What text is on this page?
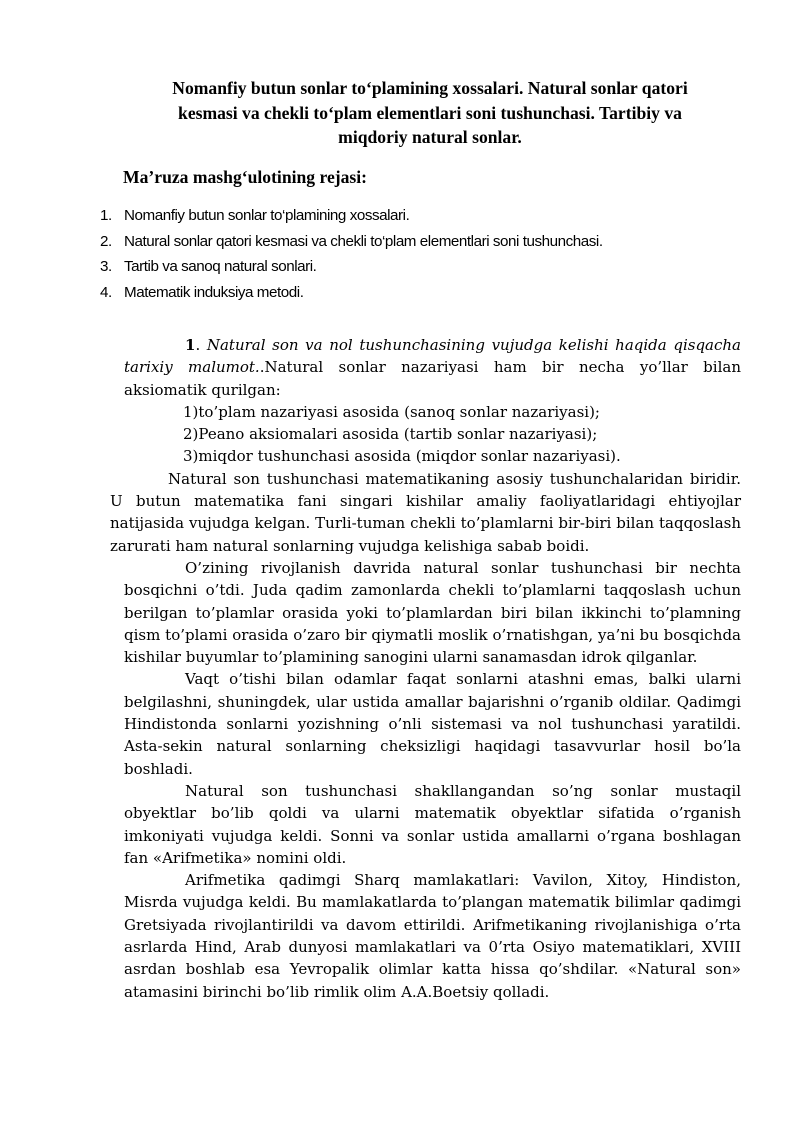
Nomanfiy butun sonlar to‘plamining xossalari. Natural sonlar qatori
kesmasi va chekli to‘plam elementlari soni tushunchasi. Tartibiy va
miqdoriy natural sonlar.
Ma’ruza mashg‘ulotining rejasi:
1. Nomanfiy butun sonlar to‘plamining xossalari.
2. Natural sonlar qatori kesmasi va chekli to‘plam elementlari soni tushunchasi.
3. Tartib va sanoq natural sonlari.
4. Matematik induksiya metodi.

1. Natural son va nol tushunchasining vujudga kelishi haqida qisqacha tarixiy malumot..Natural sonlar nazariyasi ham bir necha yo’llar bilan aksiomatik qurilgan:

1)to’plam nazariyasi asosida (sanoq sonlar nazariyasi);

2)Peano aksiomalari asosida (tartib sonlar nazariyasi);

3)miqdor tushunchasi asosida (miqdor sonlar nazariyasi).

Natural son tushunchasi matematikaning asosiy tushunchalaridan biridir. U butun matematika fani singari kishilar amaliy faoliyatlaridagi ehtiyojlar natijasida vujudga kelgan. Turli-tuman chekli to’plamlarni bir-biri bilan taqqoslash zarurati ham natural sonlarning vujudga kelishiga sabab boidi.

O’zining rivojlanish davrida natural sonlar tushunchasi bir nechta bosqichni o’tdi. Juda qadim zamonlarda chekli to’plamlarni taqqoslash uchun berilgan to’plamlar orasida yoki to’plamlardan biri bilan ikkinchi to’plamning qism to’plami orasida o’zaro bir qiymatli moslik o’rnatishgan, ya’ni bu bosqichda kishilar buyumlar to’plamining sanogini ularni sanamasdan idrok qilganlar.

Vaqt o’tishi bilan odamlar faqat sonlarni atashni emas, balki ularni belgilashni, shuningdek, ular ustida amallar bajarishni o’rganib oldilar. Qadimgi Hindistonda sonlarni yozishning o’nli sistemasi va nol tushunchasi yaratildi. Asta-sekin natural sonlarning cheksizligi haqidagi tasavvurlar hosil bo’la boshladi.

Natural son tushunchasi shakllangandan so’ng sonlar mustaqil obyektlar bo’lib qoldi va ularni matematik obyektlar sifatida o’rganish imkoniyati vujudga keldi. Sonni va sonlar ustida amallarni o’rgana boshlagan fan «Arifmetika» nomini oldi.

Arifmetika qadimgi Sharq mamlakatlari: Vavilon, Xitoy, Hindiston, Misrda vujudga keldi. Bu mamlakatlarda to’plangan matematik bilimlar qadimgi Gretsiyada rivojlantirildi va davom ettirildi. Arifmetikaning rivojlanishiga o’rta asrlarda Hind, Arab dunyosi mamlakatlari va 0’rta Osiyo matematiklari, XVIII asrdan boshlab esa Yevropalik olimlar katta hissa qo’shdilar. «Natural son» atamasini birinchi bo’lib rimlik olim A.A.Boetsiy qolladi.
